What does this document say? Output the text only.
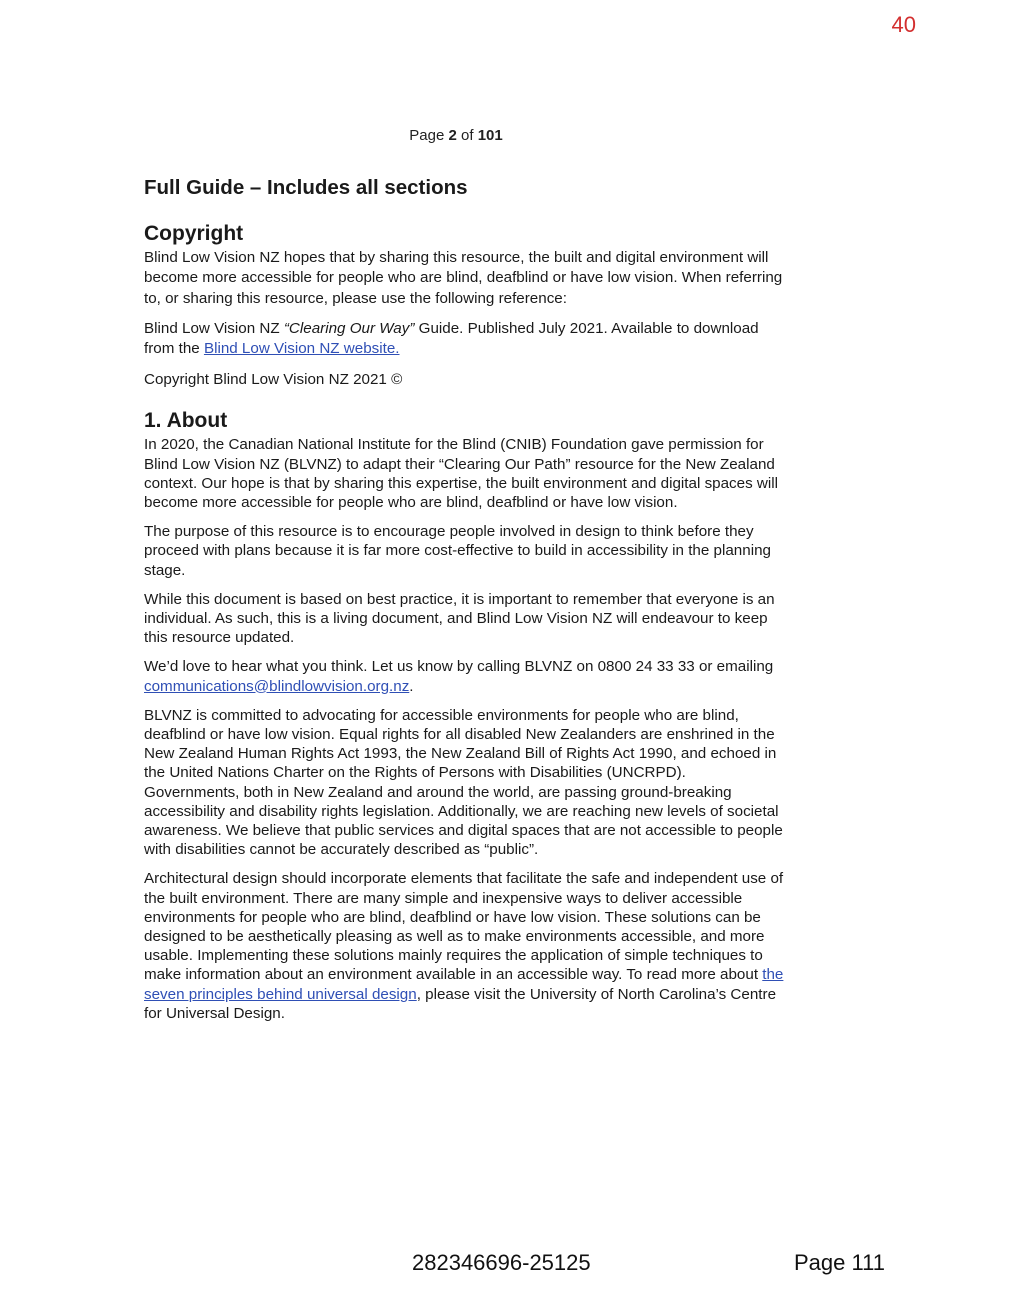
40
Page 2 of 101
Full Guide – Includes all sections
Copyright

Blind Low Vision NZ hopes that by sharing this resource, the built and digital environment will become more accessible for people who are blind, deafblind or have low vision. When referring to, or sharing this resource, please use the following reference:

Blind Low Vision NZ “Clearing Our Way” Guide. Published July 2021. Available to download from the Blind Low Vision NZ website.

Copyright Blind Low Vision NZ 2021 ©

1. About

In 2020, the Canadian National Institute for the Blind (CNIB) Foundation gave permission for Blind Low Vision NZ (BLVNZ) to adapt their “Clearing Our Path” resource for the New Zealand context. Our hope is that by sharing this expertise, the built environment and digital spaces will become more accessible for people who are blind, deafblind or have low vision.

The purpose of this resource is to encourage people involved in design to think before they proceed with plans because it is far more cost-effective to build in accessibility in the planning stage.

While this document is based on best practice, it is important to remember that everyone is an individual. As such, this is a living document, and Blind Low Vision NZ will endeavour to keep this resource updated.

We’d love to hear what you think. Let us know by calling BLVNZ on 0800 24 33 33 or emailing communications@blindlowvision.org.nz.

BLVNZ is committed to advocating for accessible environments for people who are blind, deafblind or have low vision. Equal rights for all disabled New Zealanders are enshrined in the New Zealand Human Rights Act 1993, the New Zealand Bill of Rights Act 1990, and echoed in the United Nations Charter on the Rights of Persons with Disabilities (UNCRPD). Governments, both in New Zealand and around the world, are passing ground-breaking accessibility and disability rights legislation. Additionally, we are reaching new levels of societal awareness. We believe that public services and digital spaces that are not accessible to people with disabilities cannot be accurately described as “public”.

Architectural design should incorporate elements that facilitate the safe and independent use of the built environment. There are many simple and inexpensive ways to deliver accessible environments for people who are blind, deafblind or have low vision. These solutions can be designed to be aesthetically pleasing as well as to make environments accessible, and more usable. Implementing these solutions mainly requires the application of simple techniques to make information about an environment available in an accessible way. To read more about the seven principles behind universal design, please visit the University of North Carolina’s Centre for Universal Design.

282346696-25125	Page 111
